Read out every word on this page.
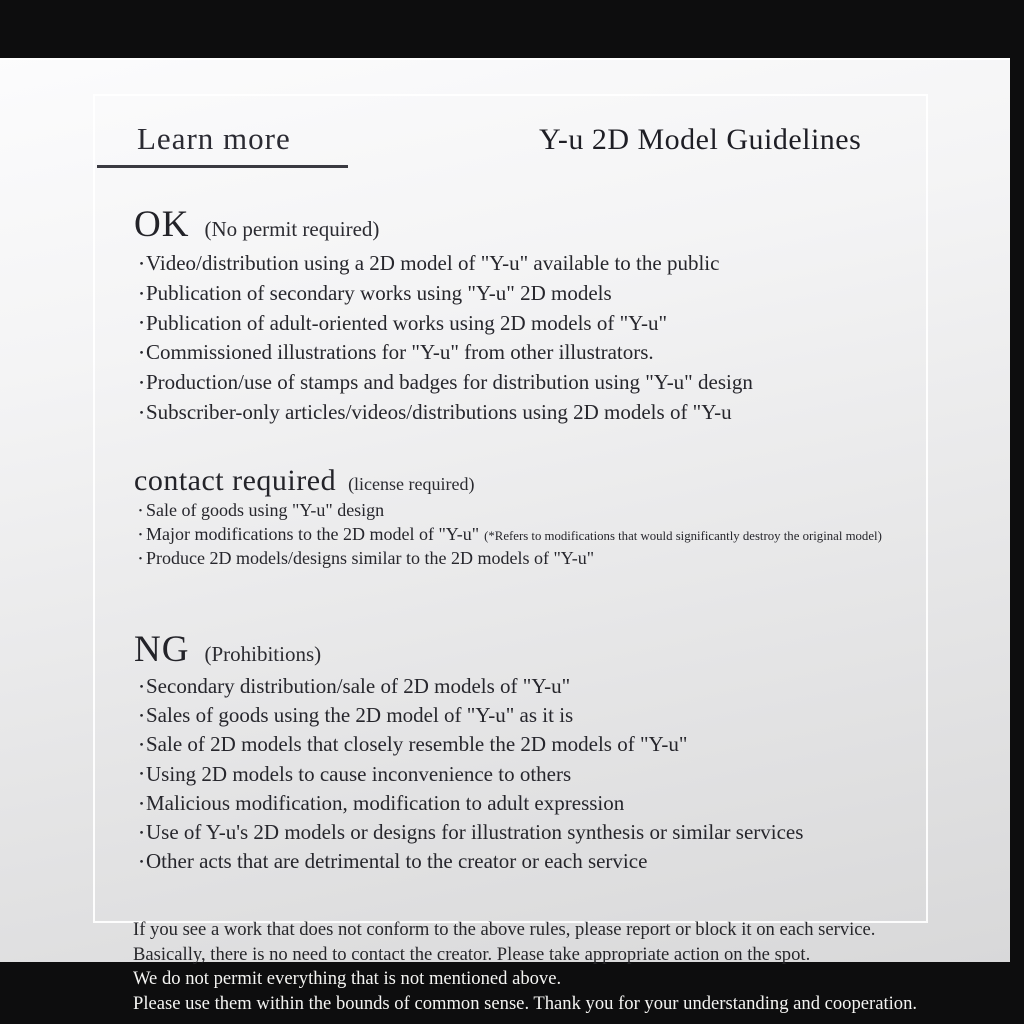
Learn more	Y-u 2D Model Guidelines
OK (No permit required)
・Video/distribution using a 2D model of "Y-u" available to the public
・Publication of secondary works using "Y-u" 2D models
・Publication of adult-oriented works using 2D models of "Y-u"
・Commissioned illustrations for "Y-u" from other illustrators.
・Production/use of stamps and badges for distribution using "Y-u" design
・Subscriber-only articles/videos/distributions using 2D models of "Y-u
contact required (license required)
・Sale of goods using "Y-u" design
・Major modifications to the 2D model of "Y-u" (*Refers to modifications that would significantly destroy the original model)
・Produce 2D models/designs similar to the 2D models of "Y-u"
NG (Prohibitions)
・Secondary distribution/sale of 2D models of "Y-u"
・Sales of goods using the 2D model of "Y-u" as it is
・Sale of 2D models that closely resemble the 2D models of "Y-u"
・Using 2D models to cause inconvenience to others
・Malicious modification, modification to adult expression
・Use of Y-u's 2D models or designs for illustration synthesis or similar services
・Other acts that are detrimental to the creator or each service
If you see a work that does not conform to the above rules, please report or block it on each service.
Basically, there is no need to contact the creator. Please take appropriate action on the spot.
We do not permit everything that is not mentioned above.
Please use them within the bounds of common sense. Thank you for your understanding and cooperation.
